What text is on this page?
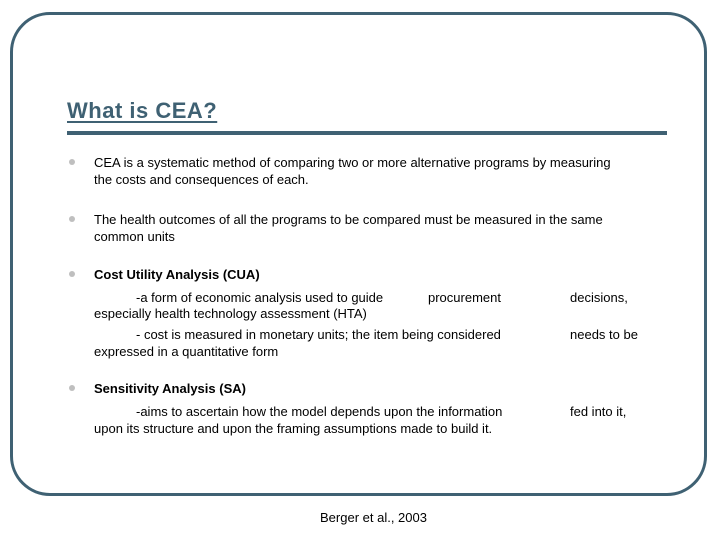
What is CEA?

CEA is a systematic method of comparing two or more alternative programs by measuring

the costs and consequences of each.

The health outcomes of all the programs to be compared must be measured in the same

common units

Cost Utility Analysis (CUA)

-a form of economic analysis used to guide	procurement	decisions,

especially health technology assessment (HTA)

- cost is measured in monetary units; the item being considered	needs to be

expressed in a quantitative form

Sensitivity Analysis (SA)

-aims to ascertain how the model depends upon the information	fed into it,

upon its structure and upon the framing assumptions made to build it.

Berger et al., 2003
